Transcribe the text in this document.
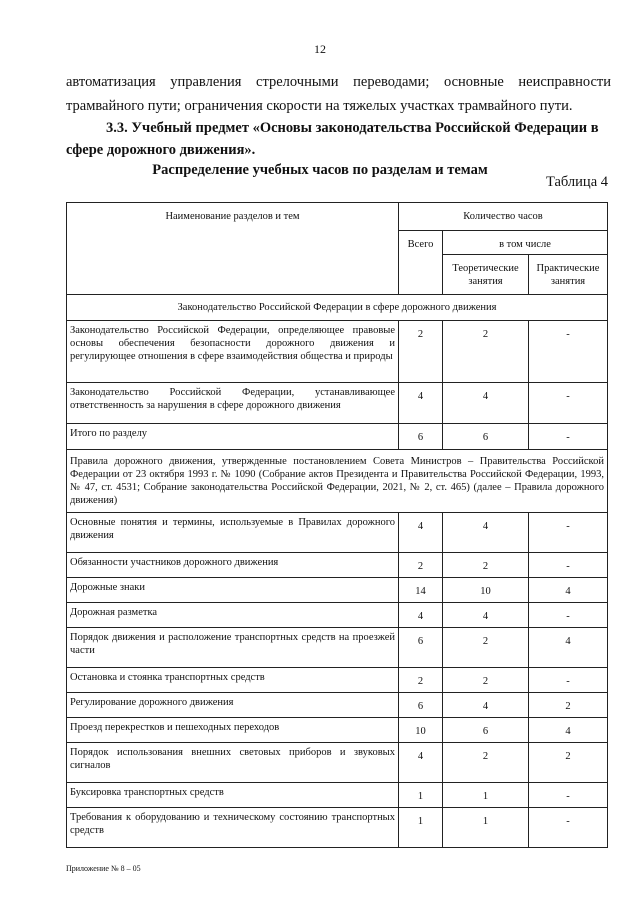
12
автоматизация управления стрелочными переводами; основные неисправности
трамвайного пути; ограничения скорости на тяжелых участках трамвайного пути.
3.3. Учебный предмет «Основы законодательства Российской Федерации в сфере дорожного движения».
Распределение учебных часов по разделам и темам
Таблица 4
Наименование разделов и тем	Количество часов		
	Всего	в том числе	
		Теоретические занятия	Практические занятия
Законодательство Российской Федерации в сфере дорожного движения			
Законодательство Российской Федерации, определяющее правовые основы обеспечения безопасности дорожного движения и регулирующее отношения в сфере взаимодействия общества и природы	2	2	-
Законодательство Российской Федерации, устанавливающее ответственность за нарушения в сфере дорожного движения	4	4	-
Итого по разделу	6	6	-
Правила дорожного движения, утвержденные постановлением Совета Министров – Правительства Российской Федерации от 23 октября 1993 г. № 1090 (Собрание актов Президента и Правительства Российской Федерации, 1993, № 47, ст. 4531; Собрание законодательства Российской Федерации, 2021, № 2, ст. 465) (далее – Правила дорожного движения)			
Основные понятия и термины, используемые в Правилах дорожного движения	4	4	-
Обязанности участников дорожного движения	2	2	-
Дорожные знаки	14	10	4
Дорожная разметка	4	4	-
Порядок движения и расположение транспортных средств на проезжей части	6	2	4
Остановка и стоянка транспортных средств	2	2	-
Регулирование дорожного движения	6	4	2
Проезд перекрестков и пешеходных переходов	10	6	4
Порядок использования внешних световых приборов и звуковых сигналов	4	2	2
Буксировка транспортных средств	1	1	-
Требования к оборудованию и техническому состоянию транспортных средств	1	1	-
Приложение № 8 – 05
